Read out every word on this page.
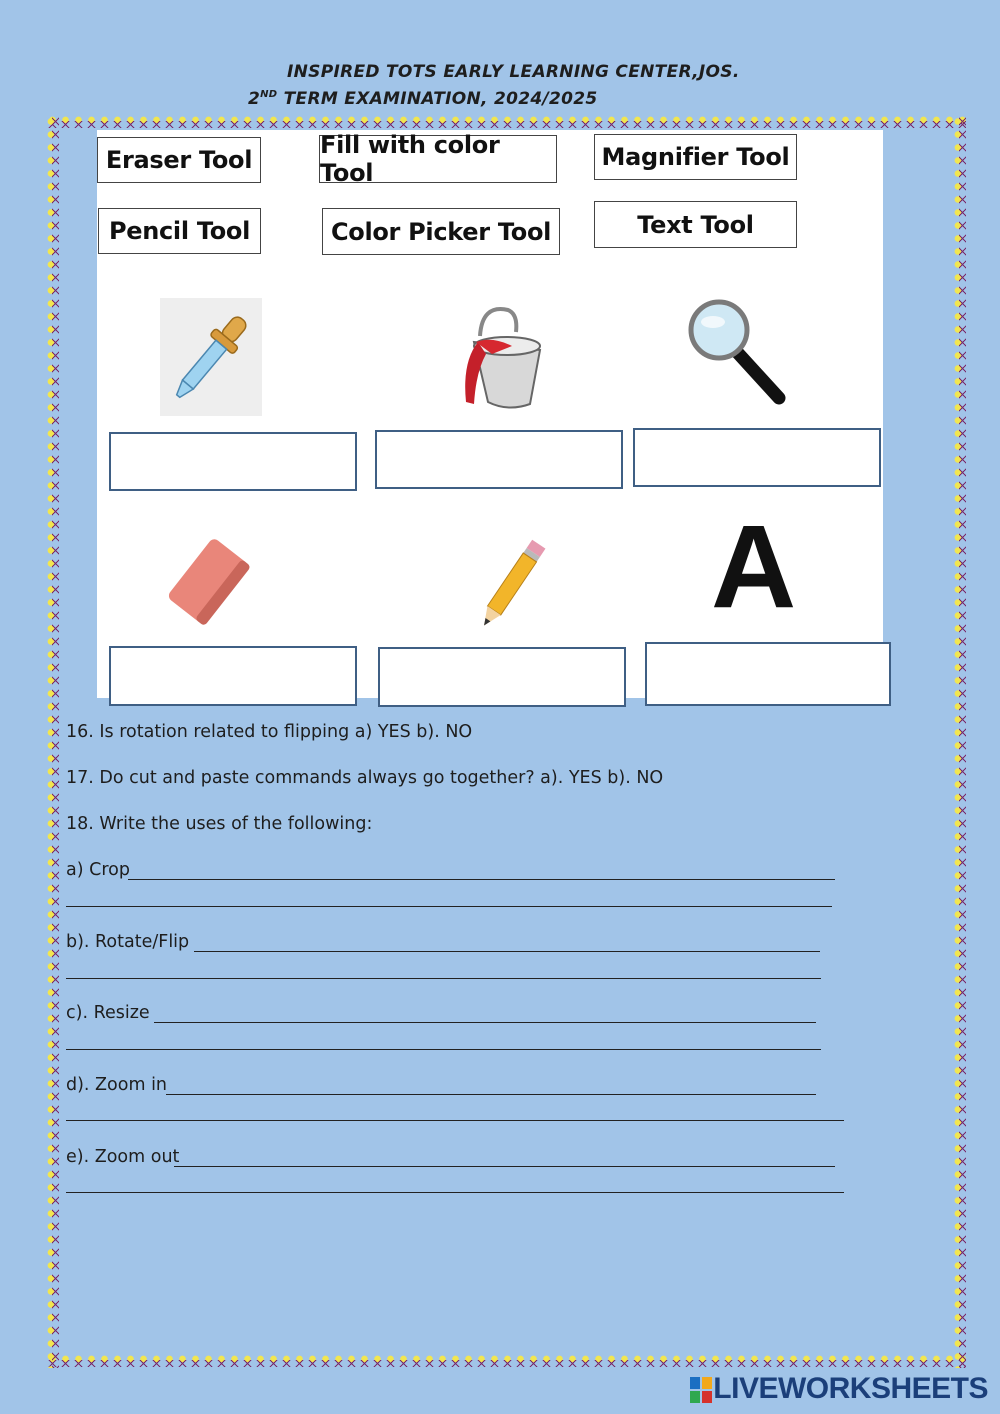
INSPIRED TOTS EARLY LEARNING CENTER,JOS.
2ND TERM EXAMINATION, 2024/2025
Eraser Tool
Fill with color Tool
Magnifier Tool
Pencil Tool	Color Picker Tool	Text Tool
A
16. Is rotation related to flipping a) YES b). NO
17. Do cut and paste commands always go together? a). YES b). NO
18. Write the uses of the following:
a) Crop
b). Rotate/Flip
c). Resize
d). Zoom in
e). Zoom out
LIVEWORKSHEETS
